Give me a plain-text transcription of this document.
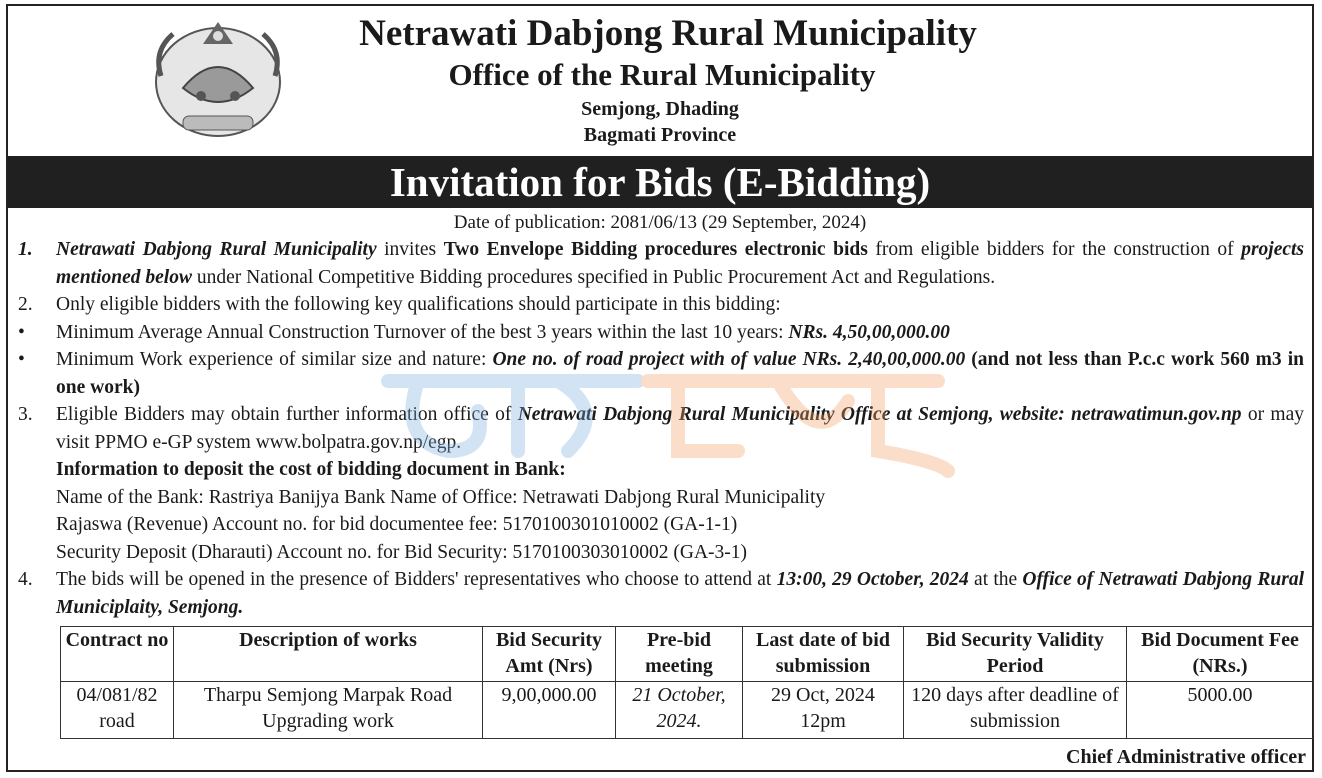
Netrawati Dabjong Rural Municipality
Office of the Rural Municipality
Semjong, Dhading
Bagmati Province
Invitation for Bids (E-Bidding)
Date of publication: 2081/06/13 (29 September, 2024)
1.	Netrawati Dabjong Rural Municipality invites Two Envelope Bidding procedures electronic bids from eligible bidders for the construction of projects mentioned below under National Competitive Bidding procedures specified in Public Procurement Act and Regulations.
2.	Only eligible bidders with the following key qualifications should participate in this bidding:
•	Minimum Average Annual Construction Turnover of the best 3 years within the last 10 years: NRs. 4,50,00,000.00
•	Minimum Work experience of similar size and nature: One no. of road project with of value NRs. 2,40,00,000.00 (and not less than P.c.c work 560 m3 in one work)
3.	Eligible Bidders may obtain further information office of Netrawati Dabjong Rural Municipality Office at Semjong, website: netrawatimun.gov.np or may visit PPMO e-GP system www.bolpatra.gov.np/egp.
Information to deposit the cost of bidding document in Bank:
Name of the Bank: Rastriya Banijya Bank Name of Office: Netrawati Dabjong Rural Municipality
Rajaswa (Revenue) Account no. for bid documentee fee: 5170100301010002 (GA-1-1)
Security Deposit (Dharauti) Account no. for Bid Security: 5170100303010002 (GA-3-1)
4.	The bids will be opened in the presence of Bidders' representatives who choose to attend at 13:00, 29 October, 2024 at the Office of Netrawati Dabjong Rural Municiplaity, Semjong.
Contract no	Description of works	Bid Security Amt (Nrs)	Pre-bid meeting	Last date of bid submission	Bid Security Validity Period	Bid Document Fee (NRs.)
04/081/82 road	Tharpu Semjong Marpak Road Upgrading work	9,00,000.00	21 October, 2024.	29 Oct, 2024 12pm	120 days after deadline of submission	5000.00
Chief Administrative officer
